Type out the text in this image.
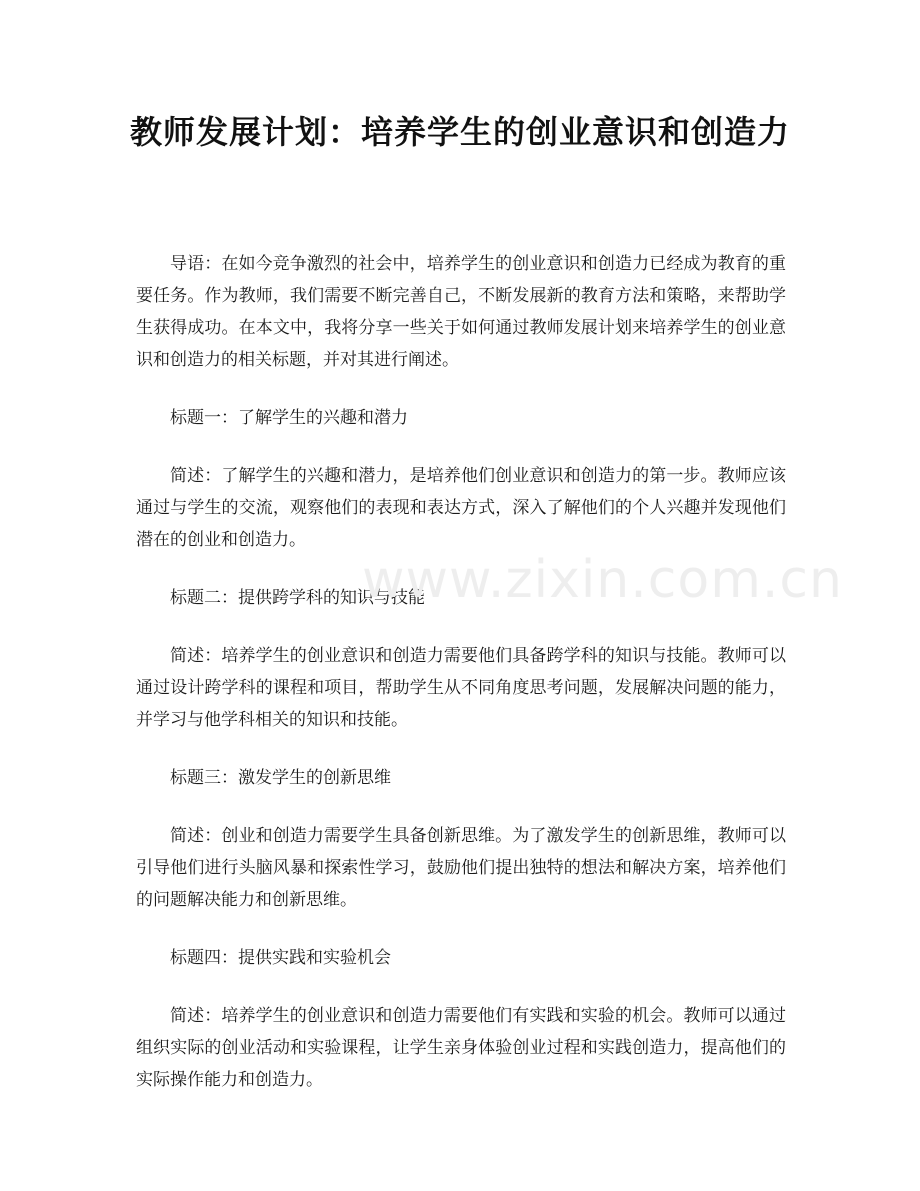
教师发展计划：培养学生的创业意识和创造力

导语：在如今竞争激烈的社会中，培养学生的创业意识和创造力已经成为教育的重要任务。作为教师，我们需要不断完善自己，不断发展新的教育方法和策略，来帮助学生获得成功。在本文中，我将分享一些关于如何通过教师发展计划来培养学生的创业意识和创造力的相关标题，并对其进行阐述。

标题一：了解学生的兴趣和潜力

简述：了解学生的兴趣和潜力，是培养他们创业意识和创造力的第一步。教师应该通过与学生的交流，观察他们的表现和表达方式，深入了解他们的个人兴趣并发现他们潜在的创业和创造力。

标题二：提供跨学科的知识与技能

简述：培养学生的创业意识和创造力需要他们具备跨学科的知识与技能。教师可以通过设计跨学科的课程和项目，帮助学生从不同角度思考问题，发展解决问题的能力，并学习与他学科相关的知识和技能。

标题三：激发学生的创新思维

简述：创业和创造力需要学生具备创新思维。为了激发学生的创新思维，教师可以引导他们进行头脑风暴和探索性学习，鼓励他们提出独特的想法和解决方案，培养他们的问题解决能力和创新思维。

标题四：提供实践和实验机会

简述：培养学生的创业意识和创造力需要他们有实践和实验的机会。教师可以通过组织实际的创业活动和实验课程，让学生亲身体验创业过程和实践创造力，提高他们的实际操作能力和创造力。

www.zixin.com.cn
